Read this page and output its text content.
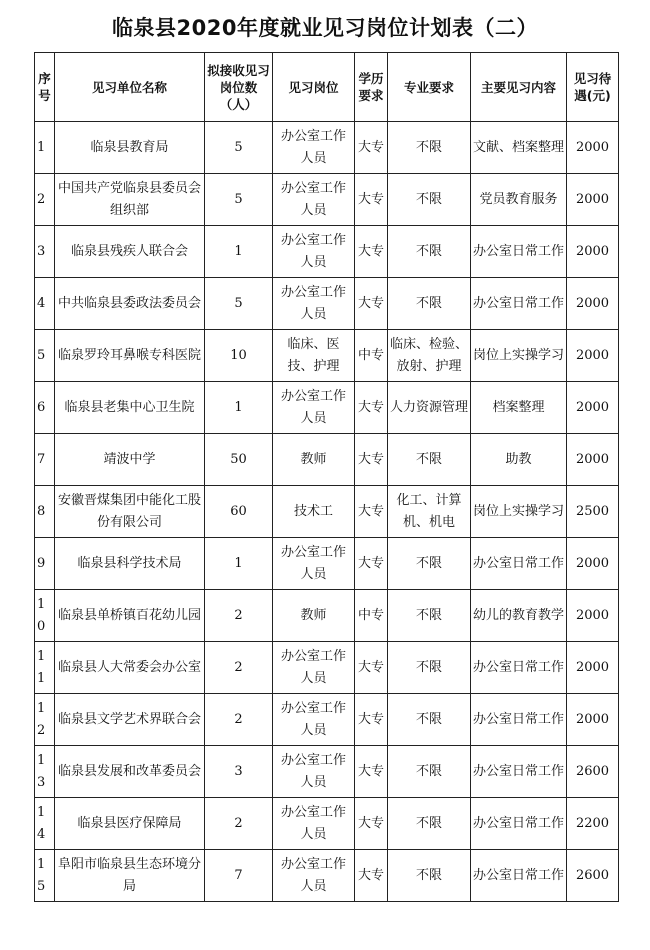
临泉县2020年度就业见习岗位计划表（二）
序号	见习单位名称	拟接收见习岗位数（人）	见习岗位	学历要求	专业要求	主要见习内容	见习待遇(元)
1	临泉县教育局	5	办公室工作人员	大专	不限	文献、档案整理	2000
2	中国共产党临泉县委员会组织部	5	办公室工作人员	大专	不限	党员教育服务	2000
3	临泉县残疾人联合会	1	办公室工作人员	大专	不限	办公室日常工作	2000
4	中共临泉县委政法委员会	5	办公室工作人员	大专	不限	办公室日常工作	2000
5	临泉罗玲耳鼻喉专科医院	10	临床、医技、护理	中专	临床、检验、放射、护理	岗位上实操学习	2000
6	临泉县老集中心卫生院	1	办公室工作人员	大专	人力资源管理	档案整理	2000
7	靖波中学	50	教师	大专	不限	助教	2000
8	安徽晋煤集团中能化工股份有限公司	60	技术工	大专	化工、计算机、机电	岗位上实操学习	2500
9	临泉县科学技术局	1	办公室工作人员	大专	不限	办公室日常工作	2000
10	临泉县单桥镇百花幼儿园	2	教师	中专	不限	幼儿的教育教学	2000
11	临泉县人大常委会办公室	2	办公室工作人员	大专	不限	办公室日常工作	2000
12	临泉县文学艺术界联合会	2	办公室工作人员	大专	不限	办公室日常工作	2000
13	临泉县发展和改革委员会	3	办公室工作人员	大专	不限	办公室日常工作	2600
14	临泉县医疗保障局	2	办公室工作人员	大专	不限	办公室日常工作	2200
15	阜阳市临泉县生态环境分局	7	办公室工作人员	大专	不限	办公室日常工作	2600
